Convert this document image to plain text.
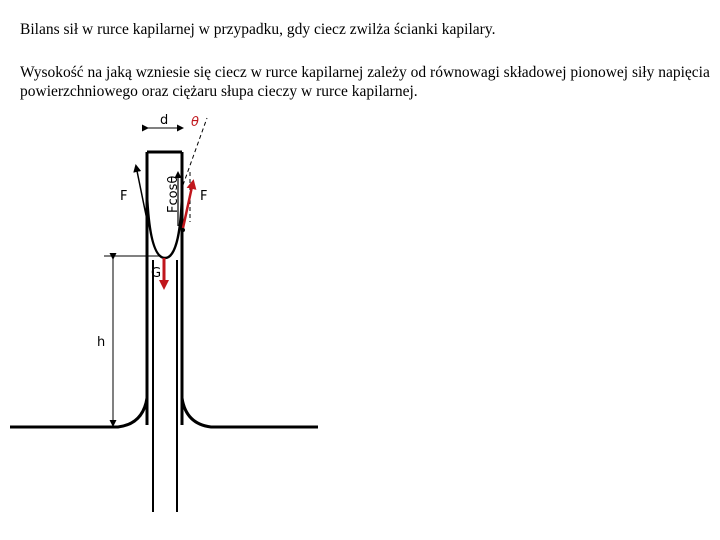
Bilans sił w rurce kapilarnej w przypadku, gdy ciecz zwilża ścianki kapilary.
Wysokość na jaką wzniesie się ciecz w rurce kapilarnej zależy od równowagi składowej pionowej siły napięcia powierzchniowego oraz ciężaru słupa cieczy w rurce kapilarnej.
d θ
F	F
Fcosθ
G
h
